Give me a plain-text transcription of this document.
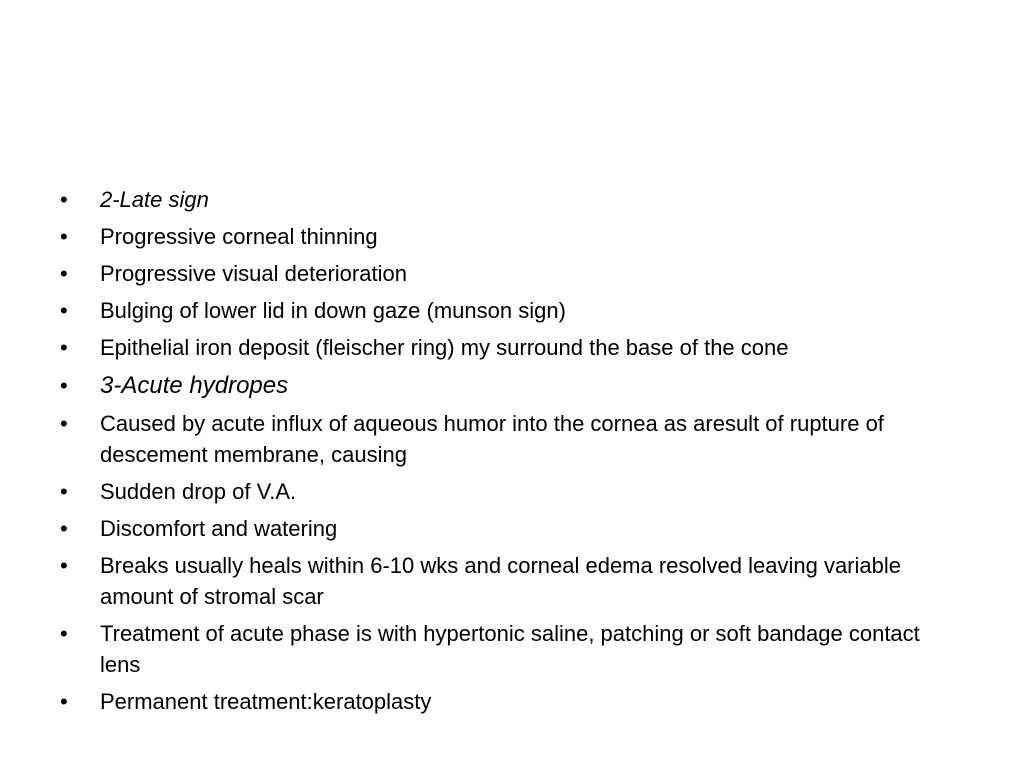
•	2-Late sign
•	Progressive corneal thinning
•	Progressive visual deterioration
•	Bulging of lower lid in down gaze (munson sign)
•	Epithelial iron deposit (fleischer ring) my surround the base of the cone
•	3-Acute hydropes
•	Caused by acute influx of aqueous humor into the cornea as aresult of rupture of descement membrane, causing
•	Sudden drop of V.A.
•	Discomfort and watering
•	Breaks usually heals within 6-10 wks and corneal edema resolved leaving variable amount of stromal scar
•	Treatment of acute phase is with hypertonic saline, patching or soft bandage contact lens
•	Permanent treatment:keratoplasty
